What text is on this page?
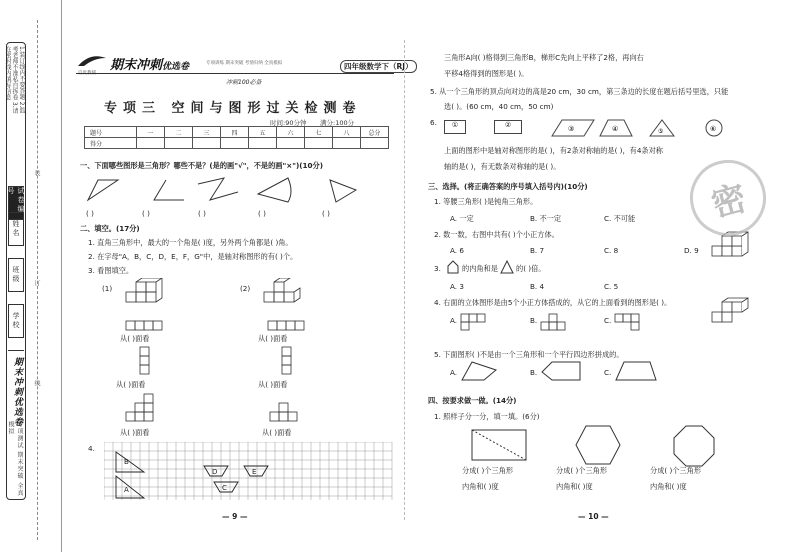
1.装订线内不要答题 2.监考老师不准私自拆卷 3.请在密封线内填写信息
试卷编号
姓名
班级
学校
期末冲刺优选卷
专项测试 期末突破 全真模拟
装
订
线
期末冲刺优选卷	专项训练 期末突破 考情归纳 全真模拟	四年级数学下（RJ）
冲刺100必备
专项三 空间与图形过关检测卷
时间:90分钟 满分:100分
题号	一	二	三	四	五	六	七	八	总分
得分									
一、下面哪些图形是三角形？哪些不是？(是的画"√"，不是的画"×")(10分)
( )	( )	( )	( )	( )
二、填空。(17分)
1. 直角三角形中，最大的一个角是( )度，另外两个角都是( )角。
2. 在字母"A，B，C，D，E，F，G"中，是轴对称图形的有( )个。
3. 看图填空。
(1)	(2)
从( )面看	从( )面看
从( )面看	从( )面看
从( )面看	从( )面看
4.
B
A
D	E
C
— 9 —
三角形A向( )格得到三角形B，梯形C先向上平移了2格，再向右
平移4格得到的图形是( )。
5. 从一个三角形的顶点向对边的高是20 cm，30 cm，第三条边的长度在题后括号里选，只能
选( )。(60 cm，40 cm，50 cm)
6.	①	②	③	④	⑤	⑥
上面的图形中是轴对称图形的是( )，有2条对称轴的是( )，有4条对称
轴的是( )，有无数条对称轴的是( )。
三、选择。(将正确答案的序号填入括号内)(10分)
1. 等腰三角形( )是钝角三角形。
A. 一定	B. 不一定	C. 不可能
2. 数一数，右图中共有( )个小正方体。
A. 6	B. 7	C. 8	D. 9
3.	的内角和是	的( )倍。
A. 3	B. 4	C. 5
4. 右面的立体图形是由5个小正方体搭成的，从它的上面看到的图形是( )。
A.	B.	C.
5. 下面图形( )不是由一个三角形和一个平行四边形拼成的。
A.	B.	C.
四、按要求做一做。(14分)
1. 照样子分一分，填一填。(6分)
分成( )个三角形
内角和( )度
分成( )个三角形
内角和( )度
分成( )个三角形
内角和( )度
密
— 10 —
